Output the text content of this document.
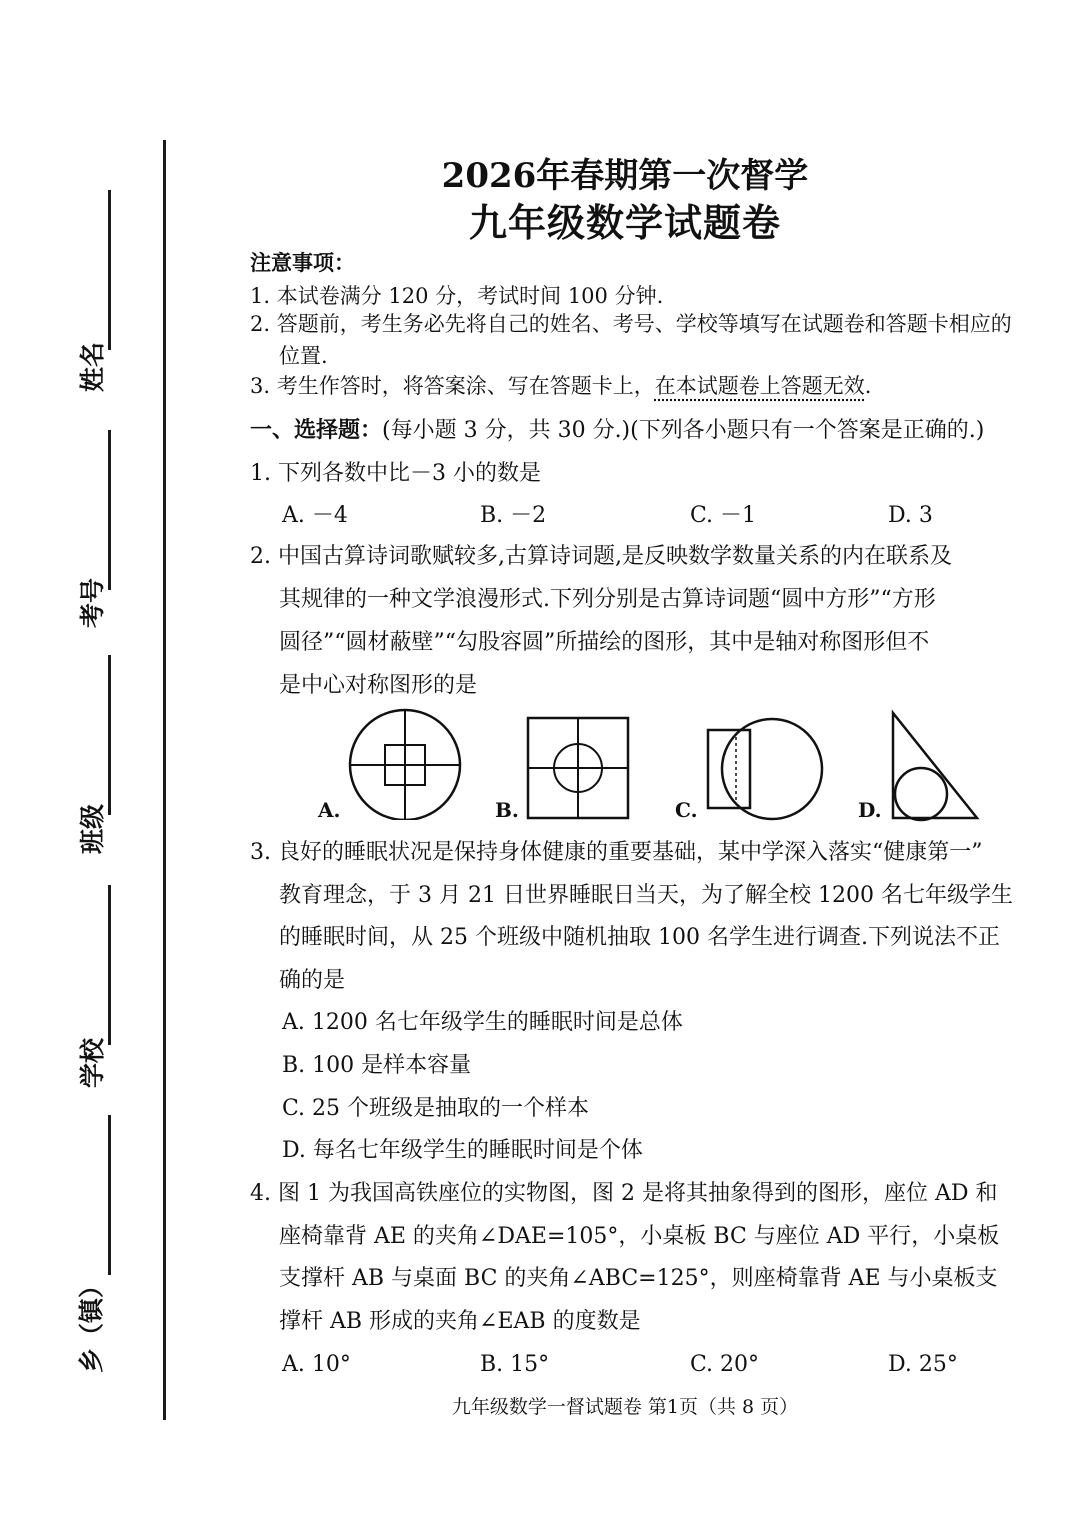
姓名
考号
班级
学校
乡（镇）
2026年春期第一次督学
九年级数学试题卷
注意事项：
1. 本试卷满分 120 分，考试时间 100 分钟.
2. 答题前，考生务必先将自己的姓名、考号、学校等填写在试题卷和答题卡相应的
位置.
3. 考生作答时，将答案涂、写在答题卡上，在本试题卷上答题无效.
一、选择题：(每小题 3 分，共 30 分.)(下列各小题只有一个答案是正确的.)
1. 下列各数中比－3 小的数是
A. －4	B. －2	C. －1	D. 3
2. 中国古算诗词歌赋较多,古算诗词题,是反映数学数量关系的内在联系及
其规律的一种文学浪漫形式.下列分别是古算诗词题“圆中方形”“方形
圆径”“圆材蔽壁”“勾股容圆”所描绘的图形，其中是轴对称图形但不
是中心对称图形的是
A.	B.	C.	D.
3. 良好的睡眠状况是保持身体健康的重要基础，某中学深入落实“健康第一”
教育理念，于 3 月 21 日世界睡眠日当天，为了解全校 1200 名七年级学生
的睡眠时间，从 25 个班级中随机抽取 100 名学生进行调查.下列说法不正
确的是
A. 1200 名七年级学生的睡眠时间是总体
B. 100 是样本容量
C. 25 个班级是抽取的一个样本
D. 每名七年级学生的睡眠时间是个体
4. 图 1 为我国高铁座位的实物图，图 2 是将其抽象得到的图形，座位 AD 和
座椅靠背 AE 的夹角∠DAE=105°，小桌板 BC 与座位 AD 平行，小桌板
支撑杆 AB 与桌面 BC 的夹角∠ABC=125°，则座椅靠背 AE 与小桌板支
撑杆 AB 形成的夹角∠EAB 的度数是
A. 10°	B. 15°	C. 20°	D. 25°
九年级数学一督试题卷 第1页（共 8 页）
